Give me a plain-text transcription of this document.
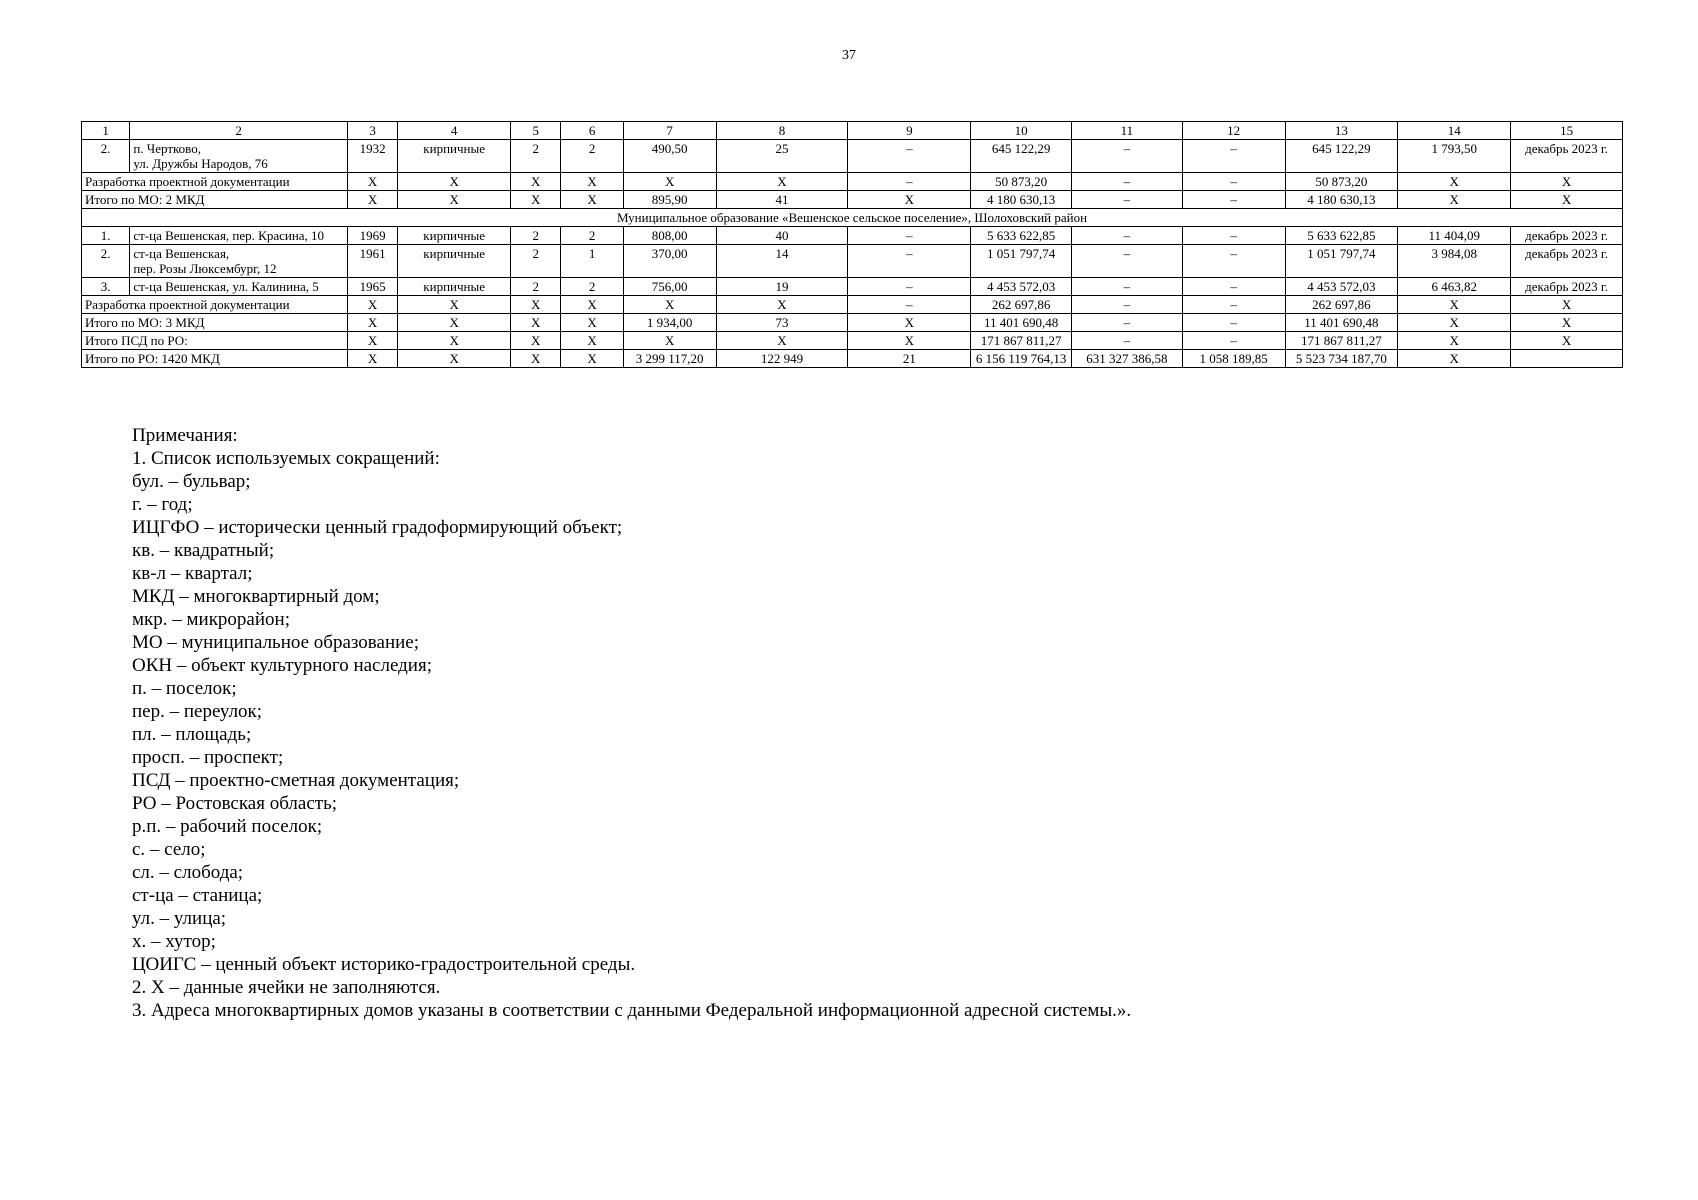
37
1	2	3	4	5	6	7	8	9	10	11	12	13	14	15
2.	п. Чертково,
ул. Дружбы Народов, 76	1932	кирпичные	2	2	490,50	25	–	645 122,29	–	–	645 122,29	1 793,50	декабрь 2023 г.
Разработка проектной документации		X	X	X	X	X	X	–	50 873,20	–	–	50 873,20	X	X
Итого по МО: 2 МКД		X	X	X	X	895,90	41	X	4 180 630,13	–	–	4 180 630,13	X	X
Муниципальное образование «Вешенское сельское поселение», Шолоховский район														
1.	ст-ца Вешенская, пер. Красина, 10	1969	кирпичные	2	2	808,00	40	–	5 633 622,85	–	–	5 633 622,85	11 404,09	декабрь 2023 г.
2.	ст-ца Вешенская,
пер. Розы Люксембург, 12	1961	кирпичные	2	1	370,00	14	–	1 051 797,74	–	–	1 051 797,74	3 984,08	декабрь 2023 г.
3.	ст-ца Вешенская, ул. Калинина, 5	1965	кирпичные	2	2	756,00	19	–	4 453 572,03	–	–	4 453 572,03	6 463,82	декабрь 2023 г.
Разработка проектной документации		X	X	X	X	X	X	–	262 697,86	–	–	262 697,86	X	X
Итого по МО: 3 МКД		X	X	X	X	1 934,00	73	X	11 401 690,48	–	–	11 401 690,48	X	X
Итого ПСД по РО:		X	X	X	X	X	X	X	171 867 811,27	–	–	171 867 811,27	X	X
Итого по РО: 1420 МКД		X	X	X	X	3 299 117,20	122 949	21	6 156 119 764,13	631 327 386,58	1 058 189,85	5 523 734 187,70	X	
Примечания:
1. Список используемых сокращений:
бул. – бульвар;
г. – год;
ИЦГФО – исторически ценный градоформирующий объект;
кв. – квадратный;
кв-л – квартал;
МКД – многоквартирный дом;
мкр. – микрорайон;
МО – муниципальное образование;
ОКН – объект культурного наследия;
п. – поселок;
пер. – переулок;
пл. – площадь;
просп. – проспект;
ПСД – проектно-сметная документация;
РО – Ростовская область;
р.п. – рабочий поселок;
с. – село;
сл. – слобода;
ст-ца – станица;
ул. – улица;
х. – хутор;
ЦОИГС – ценный объект историко-градостроительной среды.
2. X – данные ячейки не заполняются.
3. Адреса многоквартирных домов указаны в соответствии с данными Федеральной информационной адресной системы.».
